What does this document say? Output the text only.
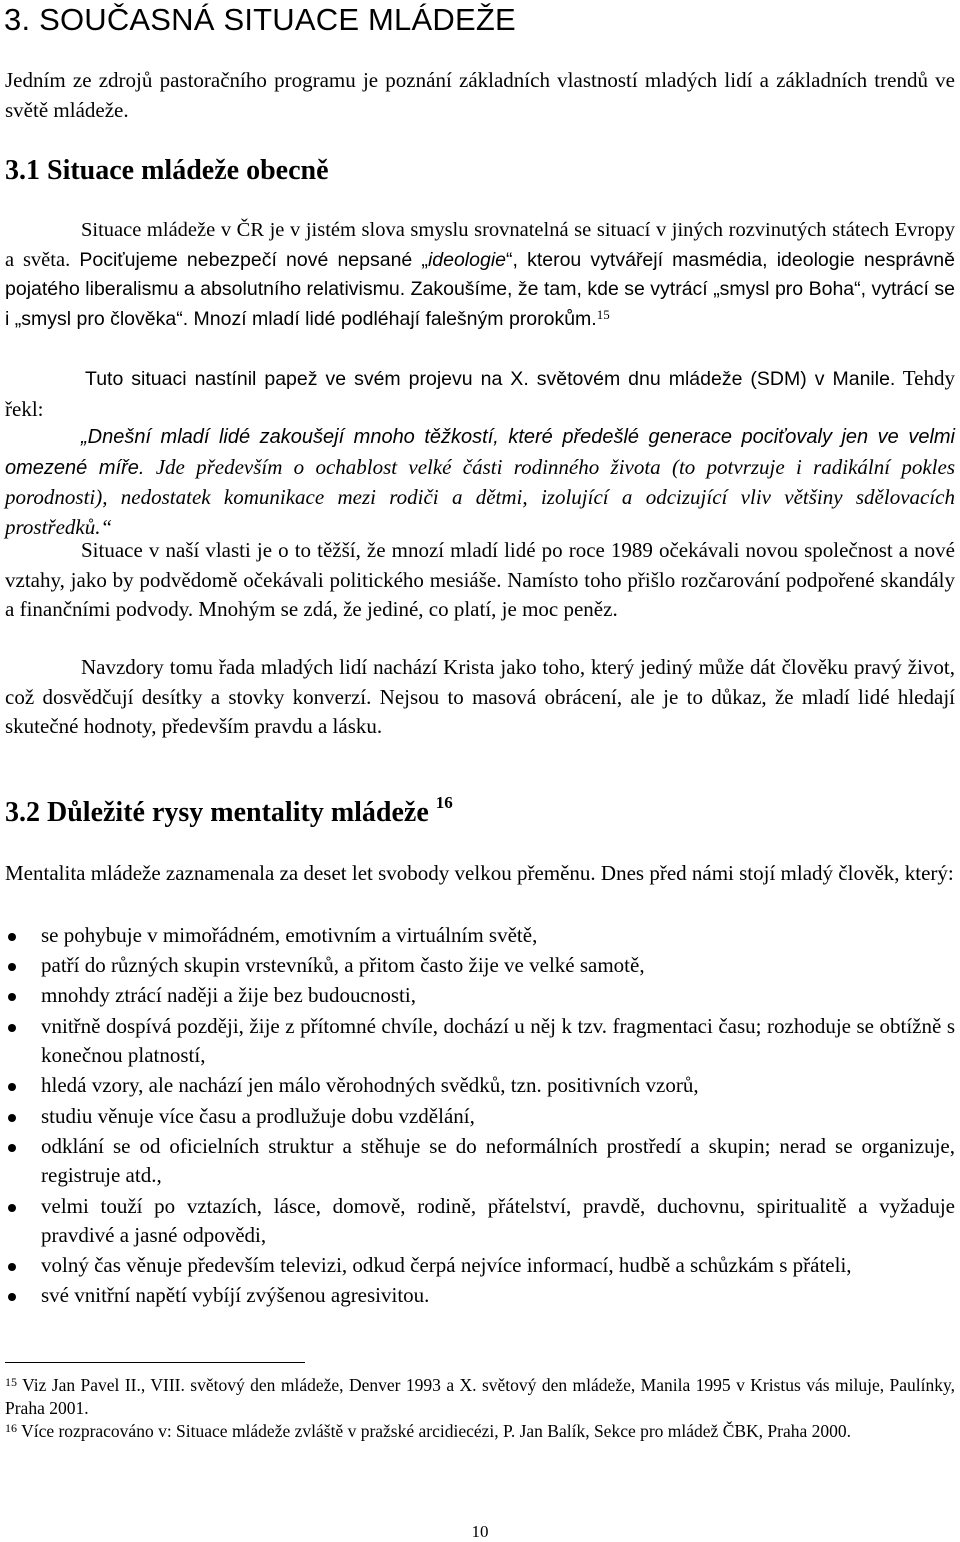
3. SOUČASNÁ SITUACE MLÁDEŽE

Jedním ze zdrojů pastoračního programu je poznání základních vlastností mladých lidí a základních trendů ve světě mládeže.

3.1 Situace mládeže obecně

Situace mládeže v ČR je v jistém slova smyslu srovnatelná se situací v jiných rozvinutých státech Evropy a světa. Pociťujeme nebezpečí nové nepsané „ideologie“, kterou vytvářejí masmédia, ideologie nesprávně pojatého liberalismu a absolutního relativismu. Zakoušíme, že tam, kde se vytrácí „smysl pro Boha“, vytrácí se i „smysl pro člověka“. Mnozí mladí lidé podléhají falešným prorokům.$^{15}$

Tuto situaci nastínil papež ve svém projevu na X. světovém dnu mládeže (SDM) v Manile. Tehdy řekl:

„Dnešní mladí lidé zakoušejí mnoho těžkostí, které předešlé generace pociťovaly jen ve velmi omezené míře. Jde především o ochablost velké části rodinného života (to potvrzuje i radikální pokles porodnosti), nedostatek komunikace mezi rodiči a dětmi, izolující a odcizující vliv většiny sdělovacích prostředků.“

Situace v naší vlasti je o to těžší, že mnozí mladí lidé po roce 1989 očekávali novou společnost a nové vztahy, jako by podvědomě očekávali politického mesiáše. Namísto toho přišlo rozčarování podpořené skandály a finančními podvody. Mnohým se zdá, že jediné, co platí, je moc peněz.

Navzdory tomu řada mladých lidí nachází Krista jako toho, který jediný může dát člověku pravý život, což dosvědčují desítky a stovky konverzí. Nejsou to masová obrácení, ale je to důkaz, že mladí lidé hledají skutečné hodnoty, především pravdu a lásku.

3.2 Důležité rysy mentality mládeže $^{16}$

Mentalita mládeže zaznamenala za deset let svobody velkou přeměnu. Dnes před námi stojí mladý člověk, který:

se pohybuje v mimořádném, emotivním a virtuálním světě,
patří do různých skupin vrstevníků, a přitom často žije ve velké samotě,
mnohdy ztrácí naději a žije bez budoucnosti,
vnitřně dospívá později, žije z přítomné chvíle, dochází u něj k tzv. fragmentaci času; rozhoduje se obtížně s konečnou platností,
hledá vzory, ale nachází jen málo věrohodných svědků, tzn. positivních vzorů,
studiu věnuje více času a prodlužuje dobu vzdělání,
odklání se od oficielních struktur a stěhuje se do neformálních prostředí a skupin; nerad se organizuje, registruje atd.,
velmi touží po vztazích, lásce, domově, rodině, přátelství, pravdě, duchovnu, spiritualitě a vyžaduje pravdivé a jasné odpovědi,
volný čas věnuje především televizi, odkud čerpá nejvíce informací, hudbě a schůzkám s přáteli,
své vnitřní napětí vybíjí zvýšenou agresivitou.

$^{15}$ Viz Jan Pavel II., VIII. světový den mládeže, Denver 1993 a X. světový den mládeže, Manila 1995 v Kristus vás miluje, Paulínky, Praha 2001.

$^{16}$ Více rozpracováno v: Situace mládeže zvláště v pražské arcidiecézi, P. Jan Balík, Sekce pro mládež ČBK, Praha 2000.

10
